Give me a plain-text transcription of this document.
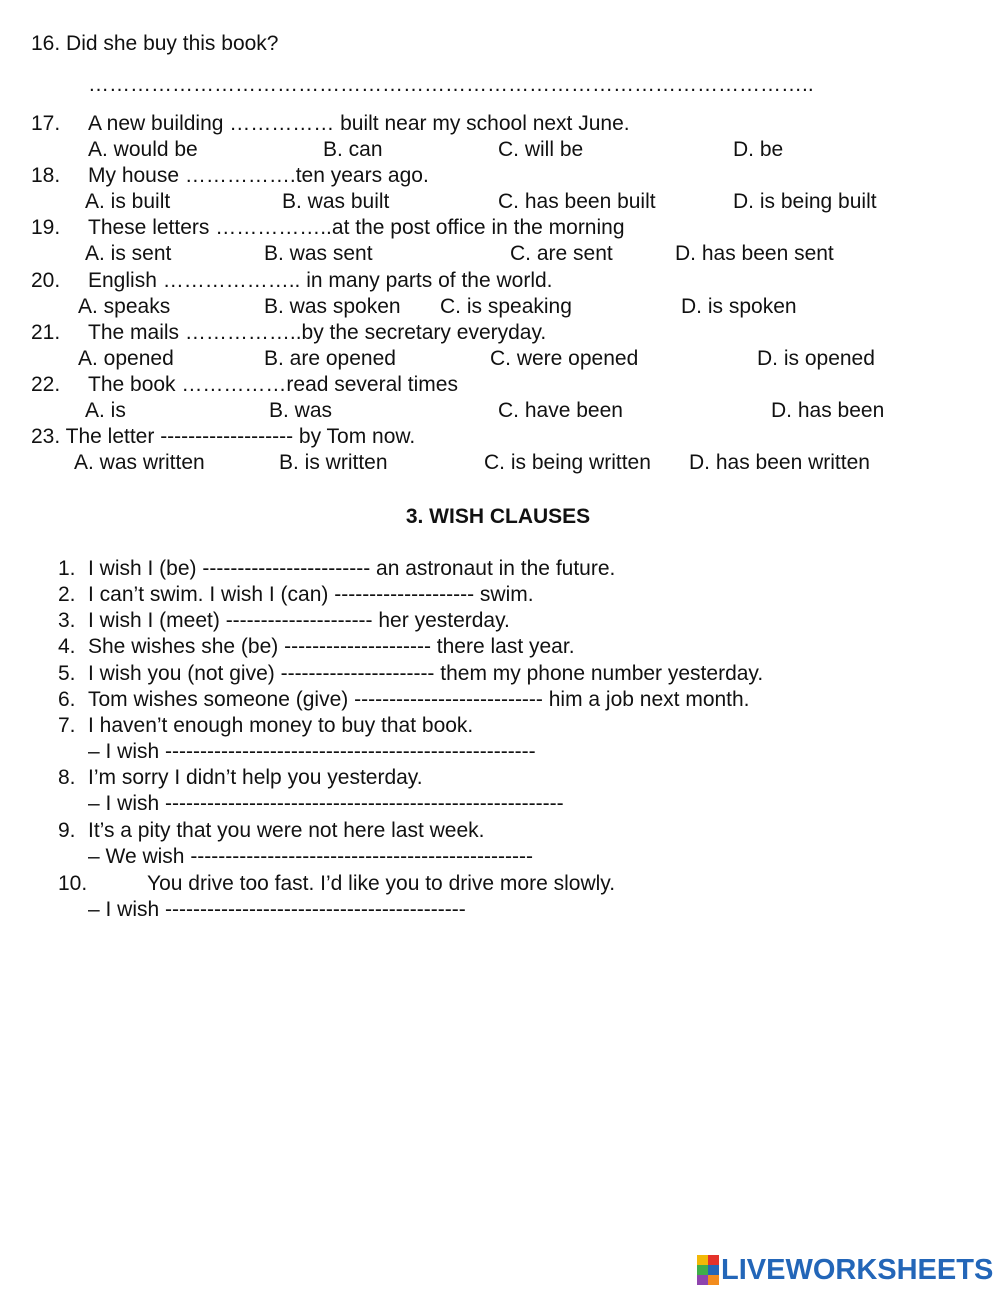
16. Did she buy this book?
…………………………………………………………………………………………..
17. A new building …………… built near my school next June.
A. would be	B. can	C. will be	D. be
18. My house …………….ten years ago.
A. is built	B. was built	C. has been built	D. is being built
19. These letters ……………..at the post office in the morning
A. is sent	B. was sent	C. are sent	D. has been sent
20. English ……………….. in many parts of the world.
A. speaks	B. was spoken C. is speaking	D. is spoken
21. The mails ……………..by the secretary everyday.
A. opened	B. are opened	C. were opened	D. is opened
22. The book ……………read several times
A. is	B. was	C. have been	D. has been
23. The letter ------------------- by Tom now.
A. was written	B. is written	C. is being written D. has been written
3. WISH CLAUSES
1. I wish I (be) ------------------------ an astronaut in the future.
2. I can’t swim. I wish I (can) -------------------- swim.
3. I wish I (meet) --------------------- her yesterday.
4. She wishes she (be) --------------------- there last year.
5. I wish you (not give) ---------------------- them my phone number yesterday.
6. Tom wishes someone (give) --------------------------- him a job next month.
7. I haven’t enough money to buy that book.
– I wish -----------------------------------------------------
8. I’m sorry I didn’t help you yesterday.
– I wish ---------------------------------------------------------
9. It’s a pity that you were not here last week.
– We wish -------------------------------------------------
10.	You drive too fast. I’d like you to drive more slowly.
– I wish -------------------------------------------
LIVEWORKSHEETS
